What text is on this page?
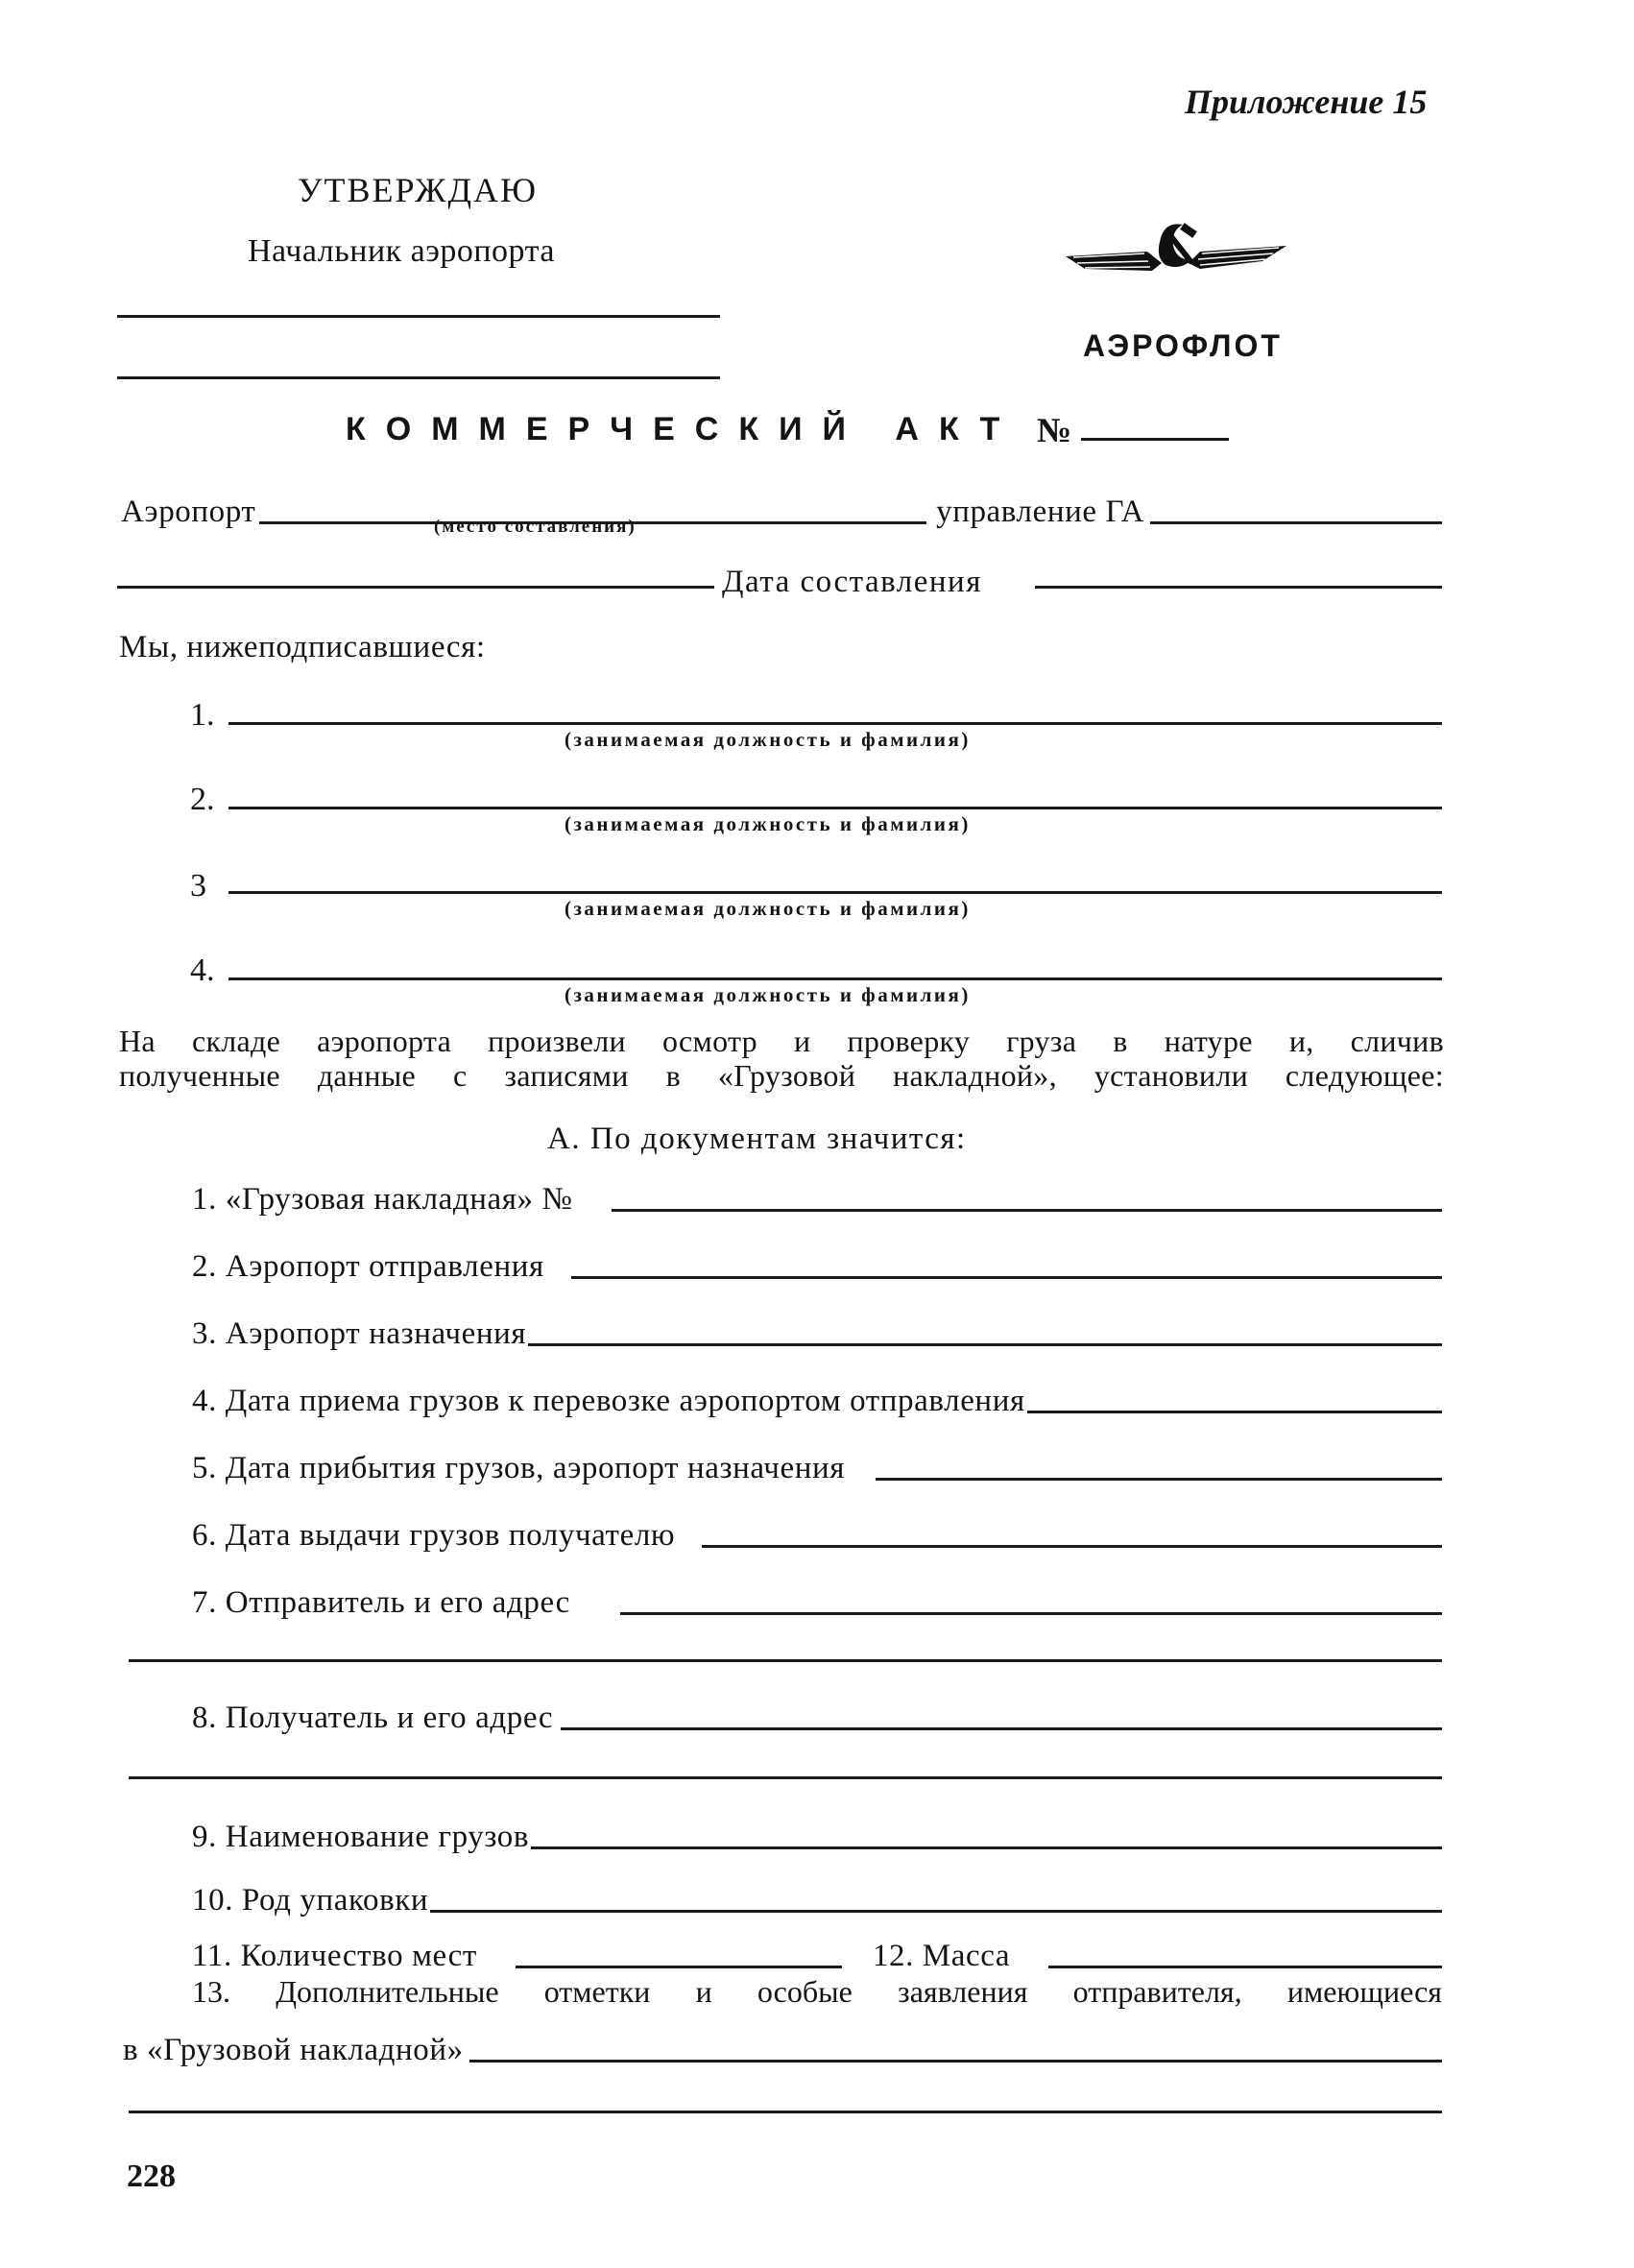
Приложение 15
УТВЕРЖДАЮ
Начальник аэропорта
АЭРОФЛОТ
КОММЕРЧЕСКИЙ АКТ №
Аэропорт	управление ГА
(место составления)
Дата составления
Мы, нижеподписавшиеся:
1.
(занимаемая должность и фамилия)
2.
(занимаемая должность и фамилия)
3
(занимаемая должность и фамилия)
4.
(занимаемая должность и фамилия)
На складе аэропорта произвели осмотр и проверку груза в натуре и, сличив
полученные данные с записями в «Грузовой накладной», установили следующее:
А. По документам значится:
1. «Грузовая накладная» №
2. Аэропорт отправления
3. Аэропорт назначения
4. Дата приема грузов к перевозке аэропортом отправления
5. Дата прибытия грузов, аэропорт назначения
6. Дата выдачи грузов получателю
7. Отправитель и его адрес
8. Получатель и его адрес
9. Наименование грузов
10. Род упаковки
11. Количество мест	12. Масса
13. Дополнительные отметки и особые заявления отправителя, имеющиеся
в «Грузовой накладной»
228
